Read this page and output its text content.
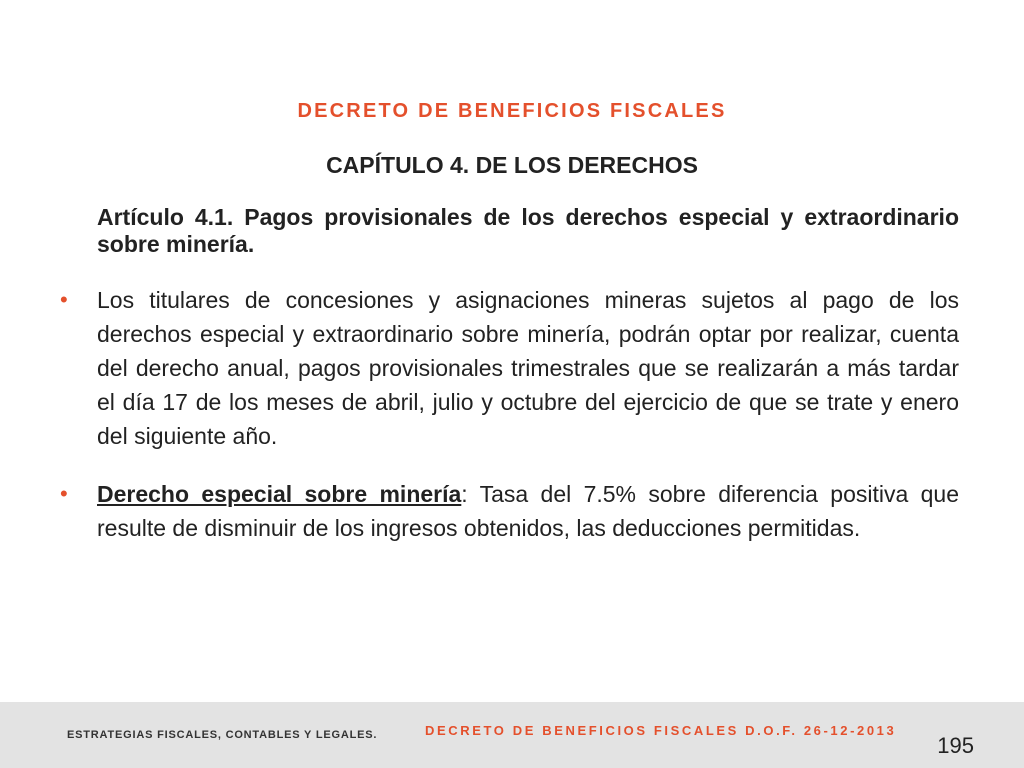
DECRETO DE BENEFICIOS FISCALES
CAPÍTULO 4. DE LOS DERECHOS
Artículo 4.1. Pagos provisionales de los derechos especial y extraordinario sobre minería.
• Los titulares de concesiones y asignaciones mineras sujetos al pago de los derechos especial y extraordinario sobre minería, podrán optar por realizar, cuenta del derecho anual, pagos provisionales trimestrales que se realizarán a más tardar el día 17 de los meses de abril, julio y octubre del ejercicio de que se trate y enero del siguiente año.
• Derecho especial sobre minería: Tasa del 7.5% sobre diferencia positiva que resulte de disminuir de los ingresos obtenidos, las deducciones permitidas.
ESTRATEGIAS FISCALES, CONTABLES Y LEGALES.	DECRETO DE BENEFICIOS FISCALES D.O.F. 26-12-2013
195
